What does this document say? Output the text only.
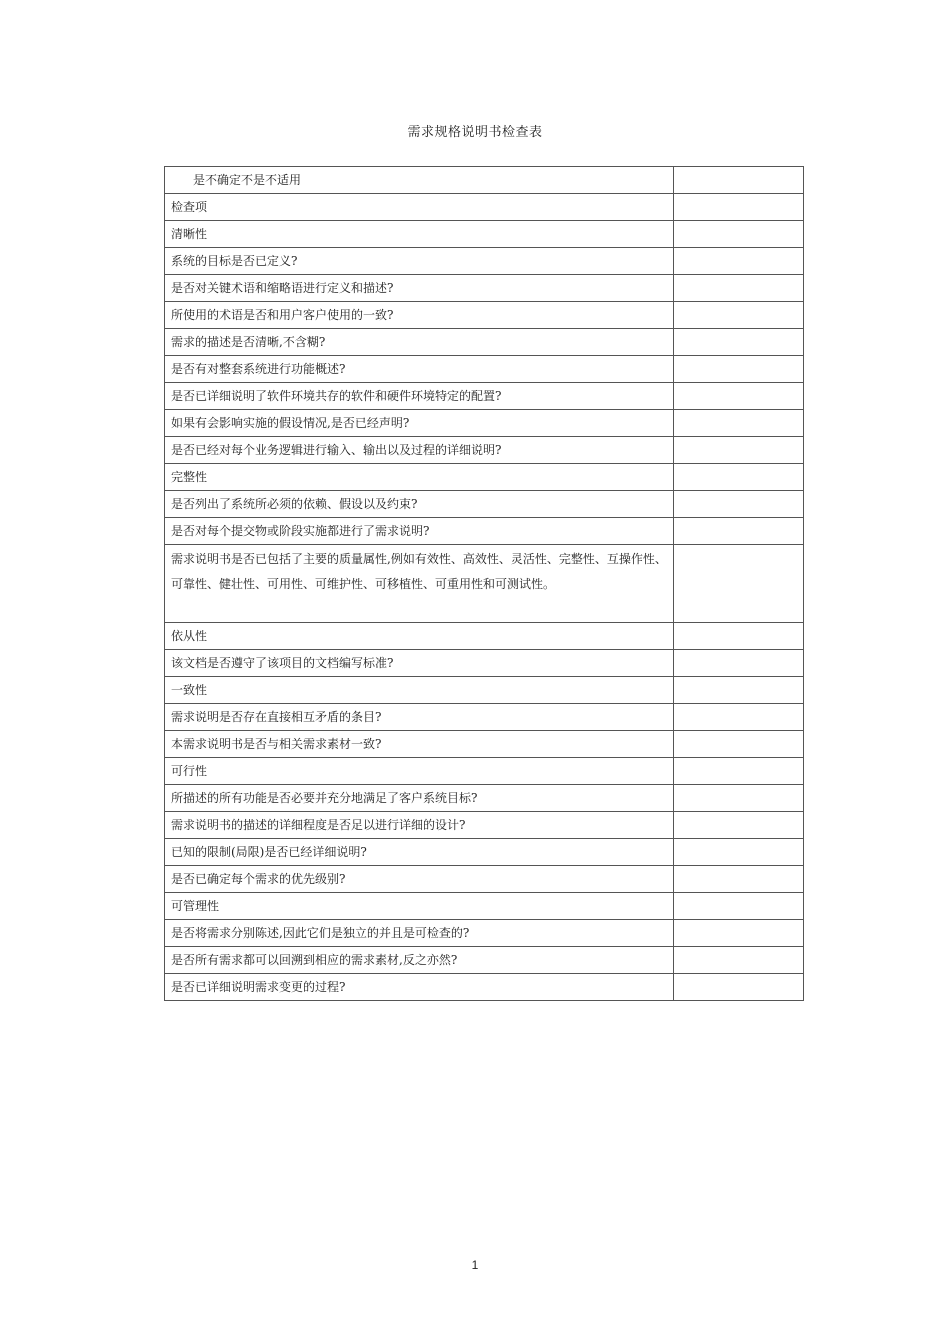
需求规格说明书检查表
是不确定不是不适用	
检查项	
清晰性	
系统的目标是否已定义?	
是否对关键术语和缩略语进行定义和描述?	
所使用的术语是否和用户客户使用的一致?	
需求的描述是否清晰,不含糊?	
是否有对整套系统进行功能概述?	
是否已详细说明了软件环境共存的软件和硬件环境特定的配置?	
如果有会影响实施的假设情况,是否已经声明?	
是否已经对每个业务逻辑进行输入、输出以及过程的详细说明?	
完整性	
是否列出了系统所必须的依赖、假设以及约束?	
是否对每个提交物或阶段实施都进行了需求说明?	
需求说明书是否已包括了主要的质量属性,例如有效性、高效性、灵活性、完整性、互操作性、可靠性、健壮性、可用性、可维护性、可移植性、可重用性和可测试性。	
依从性	
该文档是否遵守了该项目的文档编写标准?	
一致性	
需求说明是否存在直接相互矛盾的条目?	
本需求说明书是否与相关需求素材一致?	
可行性	
所描述的所有功能是否必要并充分地满足了客户系统目标?	
需求说明书的描述的详细程度是否足以进行详细的设计?	
已知的限制(局限)是否已经详细说明?	
是否已确定每个需求的优先级别?	
可管理性	
是否将需求分别陈述,因此它们是独立的并且是可检查的?	
是否所有需求都可以回溯到相应的需求素材,反之亦然?	
是否已详细说明需求变更的过程?	
1
